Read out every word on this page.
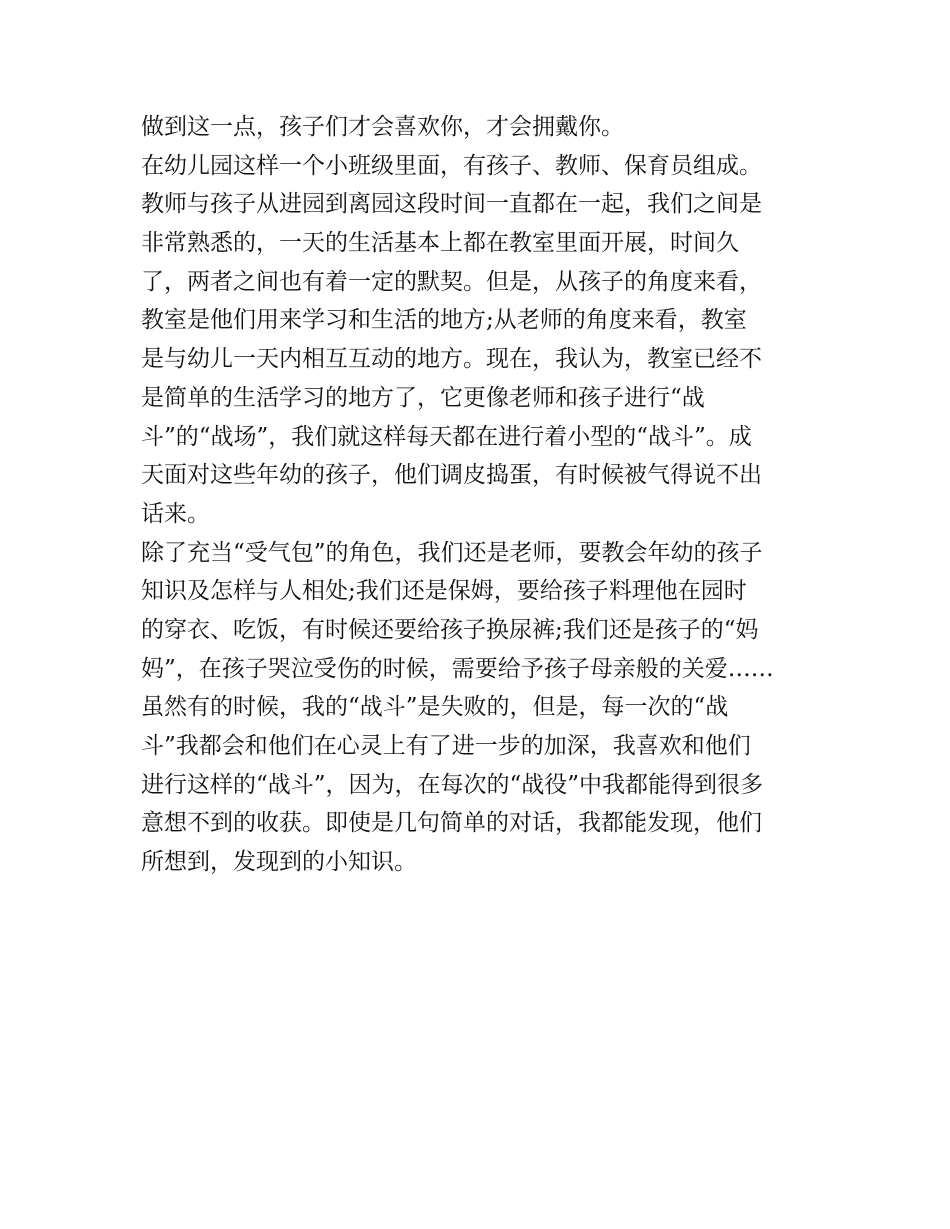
做到这一点，孩子们才会喜欢你，才会拥戴你。
在幼儿园这样一个小班级里面，有孩子、教师、保育员组成。
教师与孩子从进园到离园这段时间一直都在一起，我们之间是
非常熟悉的，一天的生活基本上都在教室里面开展，时间久
了，两者之间也有着一定的默契。但是，从孩子的角度来看，
教室是他们用来学习和生活的地方;从老师的角度来看，教室
是与幼儿一天内相互互动的地方。现在，我认为，教室已经不
是简单的生活学习的地方了，它更像老师和孩子进行“战
斗”的“战场”，我们就这样每天都在进行着小型的“战斗”。成
天面对这些年幼的孩子，他们调皮捣蛋，有时候被气得说不出
话来。
除了充当“受气包”的角色，我们还是老师，要教会年幼的孩子
知识及怎样与人相处;我们还是保姆，要给孩子料理他在园时
的穿衣、吃饭，有时候还要给孩子换尿裤;我们还是孩子的“妈
妈”，在孩子哭泣受伤的时候，需要给予孩子母亲般的关爱……
虽然有的时候，我的“战斗”是失败的，但是，每一次的“战
斗”我都会和他们在心灵上有了进一步的加深，我喜欢和他们
进行这样的“战斗”，因为，在每次的“战役”中我都能得到很多
意想不到的收获。即使是几句简单的对话，我都能发现，他们
所想到，发现到的小知识。
